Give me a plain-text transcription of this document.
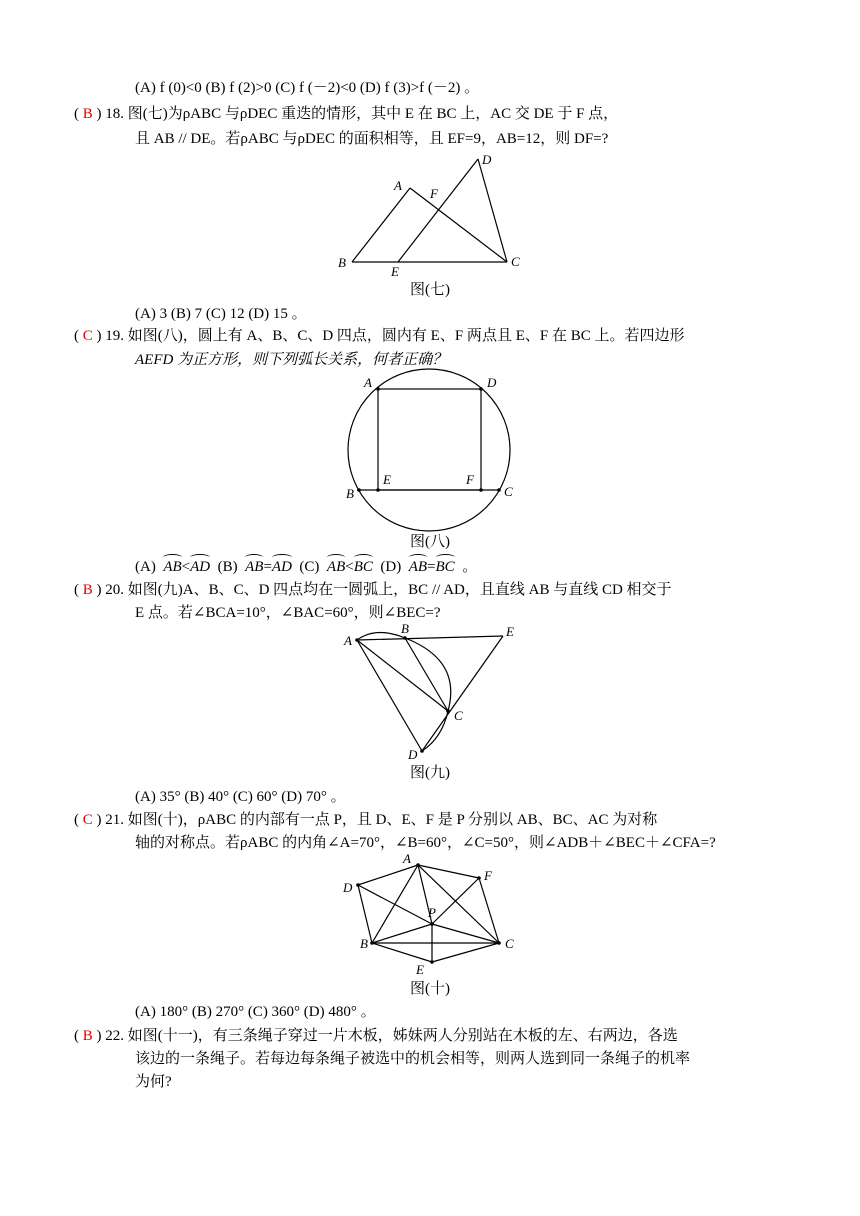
(A) f (0)<0 (B) f (2)>0 (C) f (－2)<0 (D) f (3)>f (－2) 。
( B ) 18. 图(七)为ρABC 与ρDEC 重迭的情形，其中 E 在 BC 上，AC 交 DE 于 F 点，
且 AB // DE。若ρABC 与ρDEC 的面积相等，且 EF=9，AB=12，则 DF=?
A
B	C
D
E
F
图(七)
(A) 3 (B) 7 (C) 12 (D) 15 。
( C ) 19. 如图(八)，圆上有 A、B、C、D 四点，圆内有 E、F 两点且 E、F 在 BC 上。若四边形
AEFD 为正方形，则下列弧长关系，何者正确？
A	D
B	C
E	F
图(八)
(A) AB<AD (B) AB=AD (C) AB<BC (D) AB=BC 。
( B ) 20. 如图(九)A、B、C、D 四点均在一圆弧上，BC // AD，且直线 AB 与直线 CD 相交于
E 点。若∠BCA=10°，∠BAC=60°，则∠BEC=?
A
B
C
D
E
图(九)
(A) 35° (B) 40° (C) 60° (D) 70° 。
( C ) 21. 如图(十)，ρABC 的内部有一点 P，且 D、E、F 是 P 分别以 AB、BC、AC 为对称
轴的对称点。若ρABC 的内角∠A=70°，∠B=60°，∠C=50°，则∠ADB＋∠BEC＋∠CFA=?
A
B	C
D
E
F
P
图(十)
(A) 180° (B) 270° (C) 360° (D) 480° 。
( B ) 22. 如图(十一)，有三条绳子穿过一片木板，姊妹两人分别站在木板的左、右两边，各选
该边的一条绳子。若每边每条绳子被选中的机会相等，则两人选到同一条绳子的机率
为何?
